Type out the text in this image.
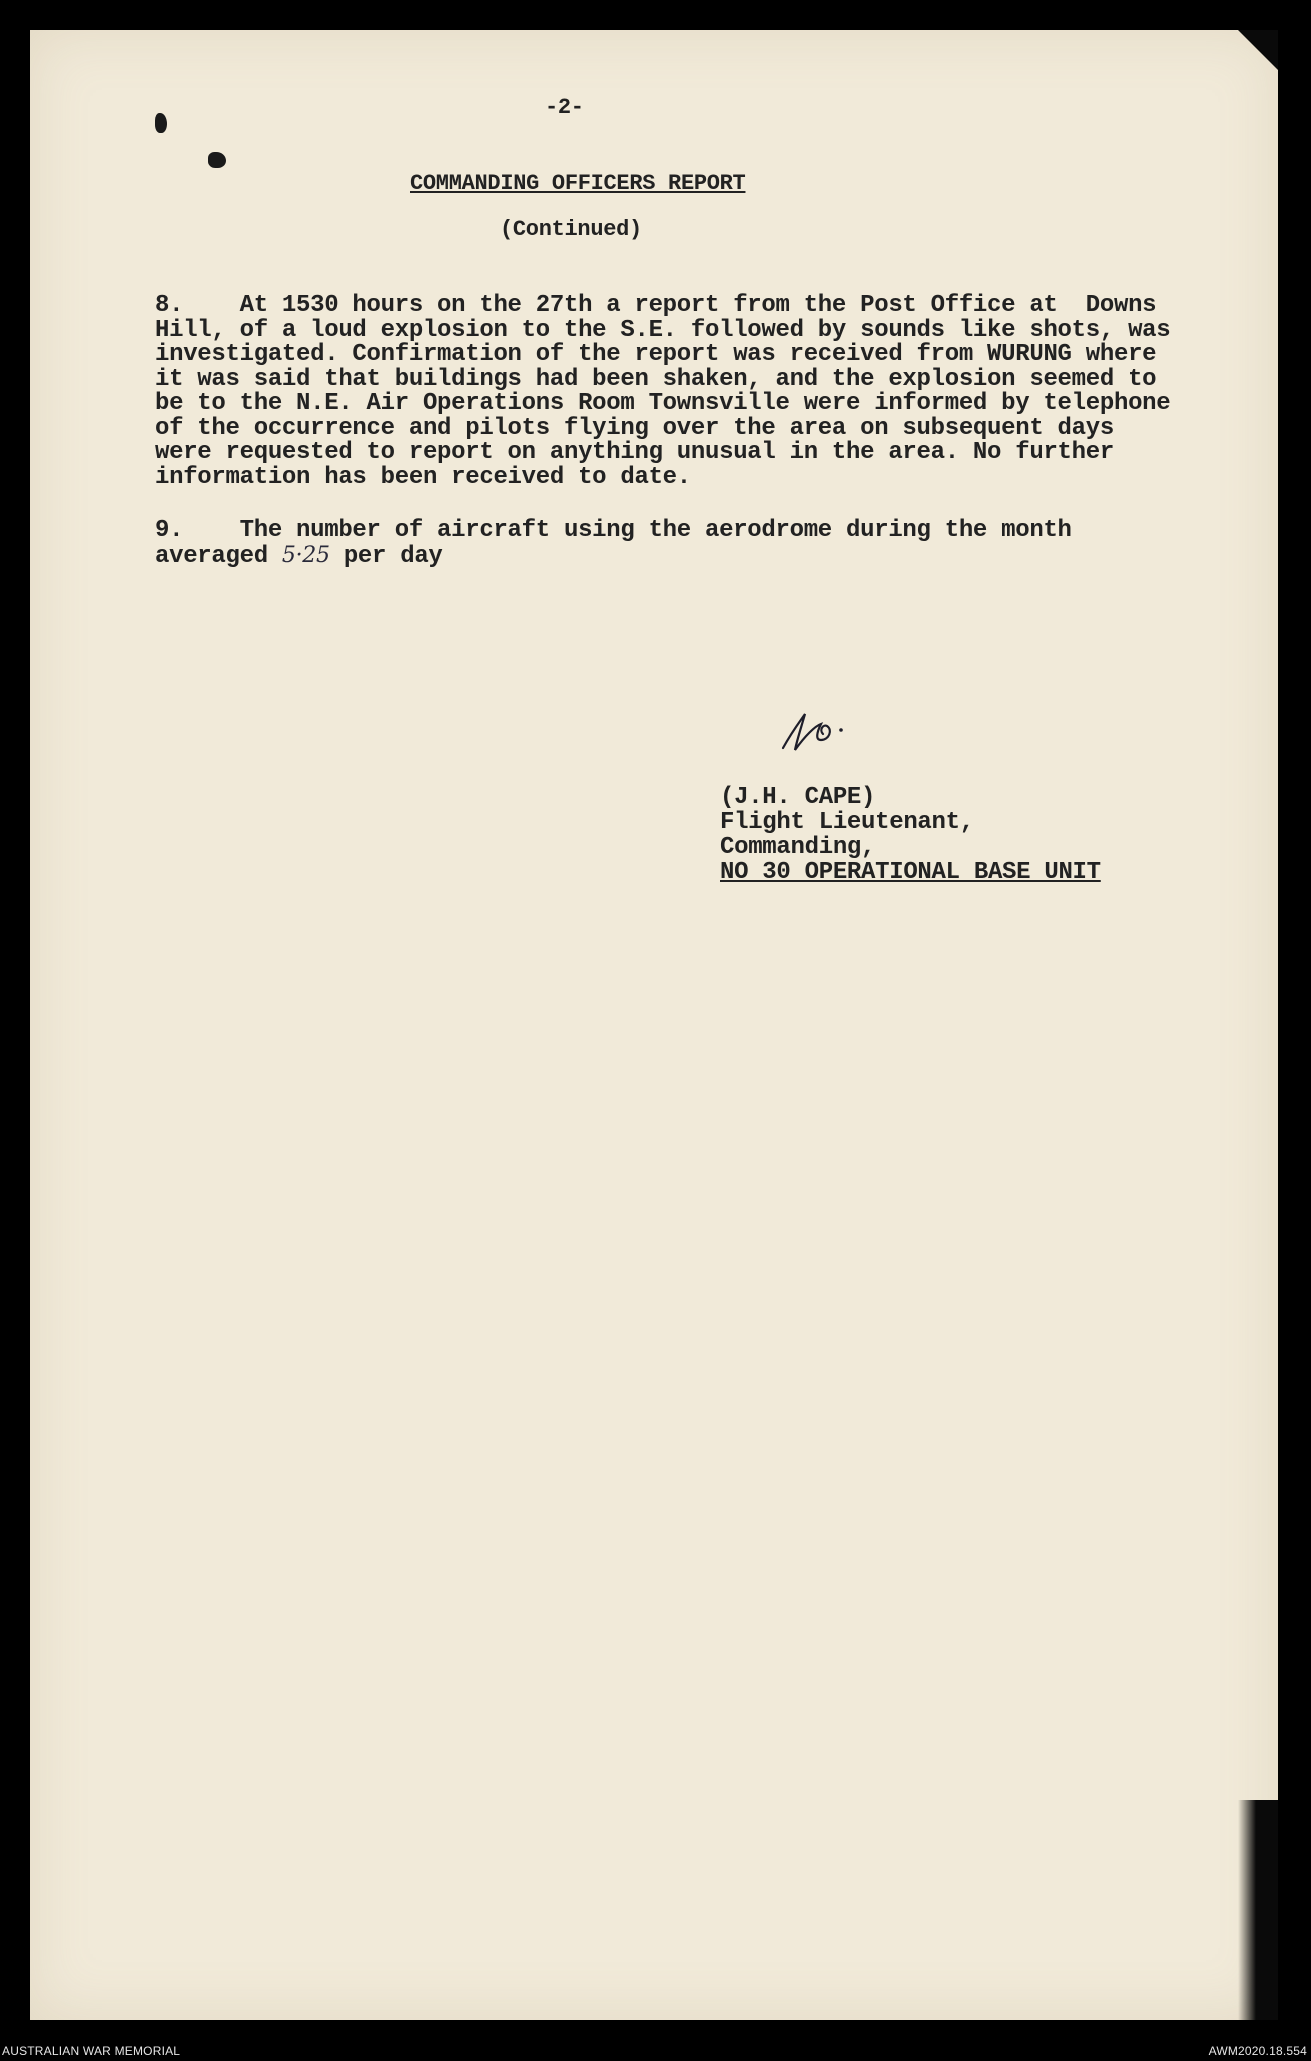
-2-
COMMANDING OFFICERS REPORT
(Continued)
8.    At 1530 hours on the 27th a report from the Post Office at  Downs
Hill, of a loud explosion to the S.E. followed by sounds like shots, was
investigated. Confirmation of the report was received from WURUNG where
it was said that buildings had been shaken, and the explosion seemed to
be to the N.E. Air Operations Room Townsville were informed by telephone
of the occurrence and pilots flying over the area on subsequent days
were requested to report on anything unusual in the area. No further
information has been received to date.
9.    The number of aircraft using the aerodrome during the month
averaged 5·25 per day
(J.H. CAPE)
Flight Lieutenant,
Commanding,
NO 30 OPERATIONAL BASE UNIT
AUSTRALIAN WAR MEMORIAL	AWM2020.18.554
